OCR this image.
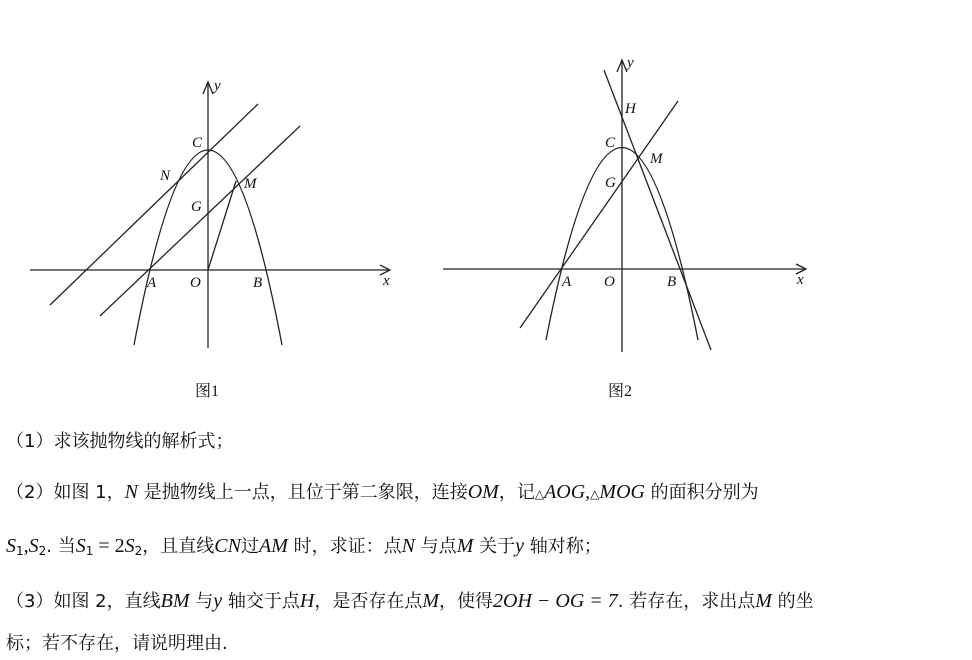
y
x
A O	B
C
G
N	M
图1
y
x
H
C
G
M
A O	B
图2
（1）求该抛物线的解析式；
（2）如图 1，N 是抛物线上一点，且位于第二象限，连接OM，记△AOG,△MOG 的面积分别为
$S_1,S_2$. 当$S_1 = 2S_2$，且直线CN过AM 时，求证：点N 与点M 关于y 轴对称；
（3）如图 2，直线BM 与y 轴交于点H，是否存在点M，使得2OH − OG = 7. 若存在，求出点M 的坐
标；若不存在，请说明理由.
